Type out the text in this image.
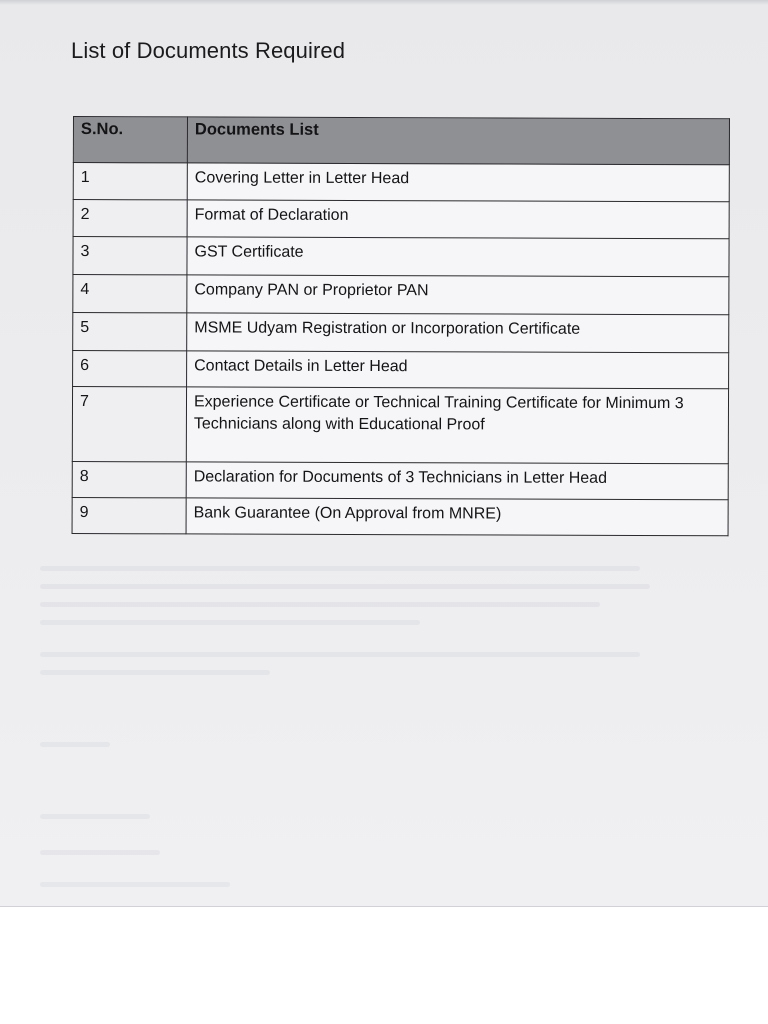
List of Documents Required
S.No.	Documents List
1	Covering Letter in Letter Head
2	Format of Declaration
3	GST Certificate
4	Company PAN or Proprietor PAN
5	MSME Udyam Registration or Incorporation Certificate
6	Contact Details in Letter Head
7	Experience Certificate or Technical Training Certificate for Minimum 3 Technicians along with Educational Proof
8	Declaration for Documents of 3 Technicians in Letter Head
9	Bank Guarantee (On Approval from MNRE)
